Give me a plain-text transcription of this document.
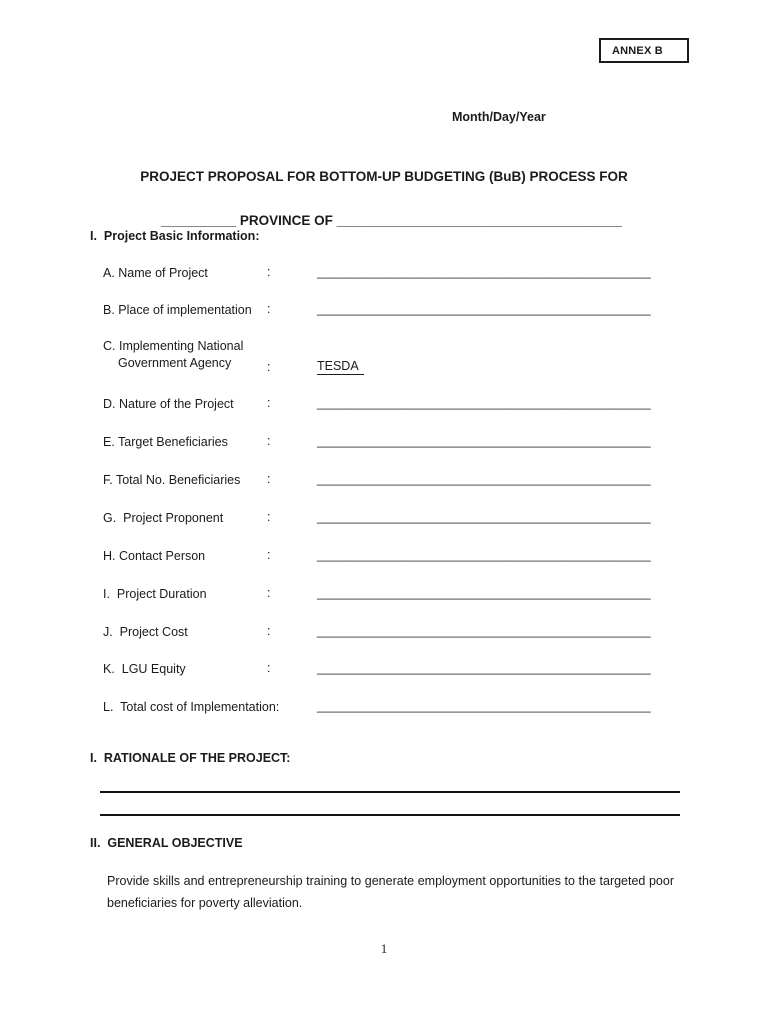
ANNEX B
Month/Day/Year
PROJECT PROPOSAL FOR BOTTOM-UP BUDGETING (BuB) PROCESS FOR

__________ PROVINCE OF ______________________________________

I.  Project Basic Information:
A. Name of Project	:	________________________________________________
B. Place of implementation :	________________________________________________
C. Implementing National
Government Agency	:	TESDA
D. Nature of the Project	:	________________________________________________
E. Target Beneficiaries	:	________________________________________________
F. Total No. Beneficiaries :	________________________________________________
G.  Project Proponent	:	________________________________________________
H. Contact Person	:	________________________________________________
I.  Project Duration	:	________________________________________________
J.  Project Cost	:	________________________________________________
K.  LGU Equity	:	________________________________________________
L.  Total cost of Implementation:	________________________________________________
I.  RATIONALE OF THE PROJECT:
II.  GENERAL OBJECTIVE
Provide skills and entrepreneurship training to generate employment opportunities to the targeted poor beneficiaries for poverty alleviation.
1
